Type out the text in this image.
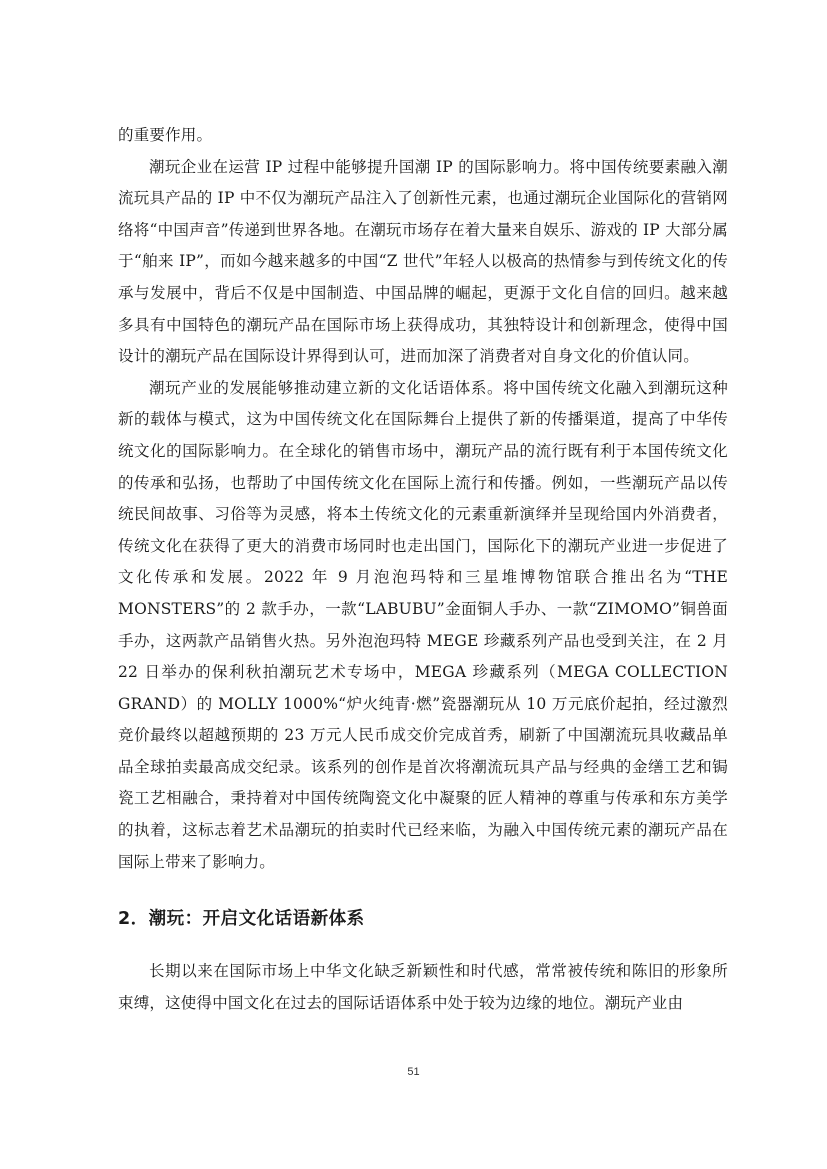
的重要作用。

潮玩企业在运营 IP 过程中能够提升国潮 IP 的国际影响力。将中国传统要素融入潮流玩具产品的 IP 中不仅为潮玩产品注入了创新性元素，也通过潮玩企业国际化的营销网络将“中国声音”传递到世界各地。在潮玩市场存在着大量来自娱乐、游戏的 IP 大部分属于“舶来 IP”，而如今越来越多的中国“Z 世代”年轻人以极高的热情参与到传统文化的传承与发展中，背后不仅是中国制造、中国品牌的崛起，更源于文化自信的回归。越来越多具有中国特色的潮玩产品在国际市场上获得成功，其独特设计和创新理念，使得中国设计的潮玩产品在国际设计界得到认可，进而加深了消费者对自身文化的价值认同。

潮玩产业的发展能够推动建立新的文化话语体系。将中国传统文化融入到潮玩这种新的载体与模式，这为中国传统文化在国际舞台上提供了新的传播渠道，提高了中华传统文化的国际影响力。在全球化的销售市场中，潮玩产品的流行既有利于本国传统文化的传承和弘扬，也帮助了中国传统文化在国际上流行和传播。例如，一些潮玩产品以传统民间故事、习俗等为灵感，将本土传统文化的元素重新演绎并呈现给国内外消费者，传统文化在获得了更大的消费市场同时也走出国门，国际化下的潮玩产业进一步促进了文化传承和发展。2022 年 9 月泡泡玛特和三星堆博物馆联合推出名为“THE MONSTERS”的 2 款手办，一款“LABUBU”金面铜人手办、一款“ZIMOMO”铜兽面手办，这两款产品销售火热。另外泡泡玛特 MEGE 珍藏系列产品也受到关注，在 2 月 22 日举办的保利秋拍潮玩艺术专场中，MEGA 珍藏系列（MEGA COLLECTION GRAND）的 MOLLY 1000%“炉火纯青·燃”瓷器潮玩从 10 万元底价起拍，经过激烈竞价最终以超越预期的 23 万元人民币成交价完成首秀，刷新了中国潮流玩具收藏品单品全球拍卖最高成交纪录。该系列的创作是首次将潮流玩具产品与经典的金缮工艺和锔瓷工艺相融合，秉持着对中国传统陶瓷文化中凝聚的匠人精神的尊重与传承和东方美学的执着，这标志着艺术品潮玩的拍卖时代已经来临，为融入中国传统元素的潮玩产品在国际上带来了影响力。

2．潮玩：开启文化话语新体系

长期以来在国际市场上中华文化缺乏新颖性和时代感，常常被传统和陈旧的形象所束缚，这使得中国文化在过去的国际话语体系中处于较为边缘的地位。潮玩产业由

51
